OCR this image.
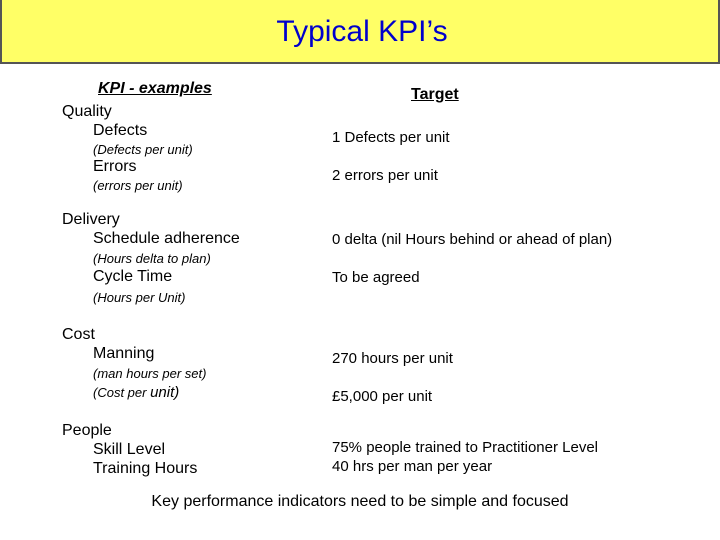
Typical KPI’s
KPI - examples	Target
Quality
Defects
(Defects per unit)
1 Defects per unit
Errors
(errors per unit)
2 errors per unit
Delivery
Schedule adherence
(Hours delta to plan)
0 delta (nil Hours behind or ahead of plan)
Cycle Time
(Hours per Unit)
To be agreed
Cost
Manning
(man hours per set)
270 hours per unit
(Cost per unit)	£5,000 per unit
People
Skill Level
Training Hours
75% people trained to Practitioner Level
40 hrs per man per year
Key performance indicators need to be simple and focused
